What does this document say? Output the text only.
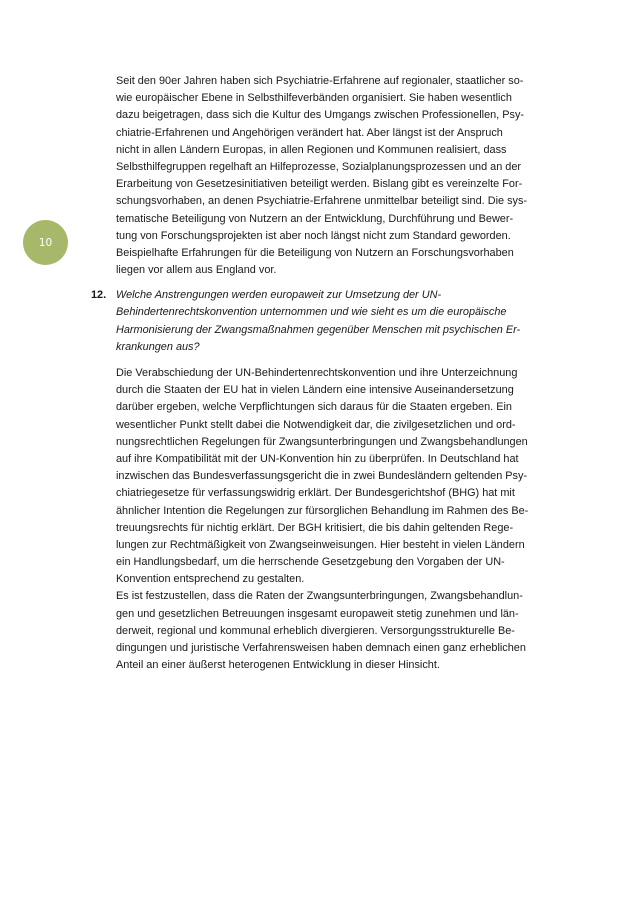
10

Seit den 90er Jahren haben sich Psychiatrie-Erfahrene auf regionaler, staatlicher so-
wie europäischer Ebene in Selbsthilfeverbänden organisiert. Sie haben wesentlich
dazu beigetragen, dass sich die Kultur des Umgangs zwischen Professionellen, Psy-
chiatrie-Erfahrenen und Angehörigen verändert hat. Aber längst ist der Anspruch
nicht in allen Ländern Europas, in allen Regionen und Kommunen realisiert, dass
Selbsthilfegruppen regelhaft an Hilfeprozesse, Sozialplanungsprozessen und an der
Erarbeitung von Gesetzesinitiativen beteiligt werden. Bislang gibt es vereinzelte For-
schungsvorhaben, an denen Psychiatrie-Erfahrene unmittelbar beteiligt sind. Die sys-
tematische Beteiligung von Nutzern an der Entwicklung, Durchführung und Bewer-
tung von Forschungsprojekten ist aber noch längst nicht zum Standard geworden.
Beispielhafte Erfahrungen für die Beteiligung von Nutzern an Forschungsvorhaben
liegen vor allem aus England vor.

12. Welche Anstrengungen werden europaweit zur Umsetzung der UN-
Behindertenrechtskonvention unternommen und wie sieht es um die europäische
Harmonisierung der Zwangsmaßnahmen gegenüber Menschen mit psychischen Er-
krankungen aus?

Die Verabschiedung der UN-Behindertenrechtskonvention und ihre Unterzeichnung
durch die Staaten der EU hat in vielen Ländern eine intensive Auseinandersetzung
darüber ergeben, welche Verpflichtungen sich daraus für die Staaten ergeben. Ein
wesentlicher Punkt stellt dabei die Notwendigkeit dar, die zivilgesetzlichen und ord-
nungsrechtlichen Regelungen für Zwangsunterbringungen und Zwangsbehandlungen
auf ihre Kompatibilität mit der UN-Konvention hin zu überprüfen. In Deutschland hat
inzwischen das Bundesverfassungsgericht die in zwei Bundesländern geltenden Psy-
chiatriegesetze für verfassungswidrig erklärt. Der Bundesgerichtshof (BHG) hat mit
ähnlicher Intention die Regelungen zur fürsorglichen Behandlung im Rahmen des Be-
treuungsrechts für nichtig erklärt. Der BGH kritisiert, die bis dahin geltenden Rege-
lungen zur Rechtmäßigkeit von Zwangseinweisungen. Hier besteht in vielen Ländern
ein Handlungsbedarf, um die herrschende Gesetzgebung den Vorgaben der UN-
Konvention entsprechend zu gestalten.
Es ist festzustellen, dass die Raten der Zwangsunterbringungen, Zwangsbehandlun-
gen und gesetzlichen Betreuungen insgesamt europaweit stetig zunehmen und län-
derweit, regional und kommunal erheblich divergieren. Versorgungsstrukturelle Be-
dingungen und juristische Verfahrensweisen haben demnach einen ganz erheblichen
Anteil an einer äußerst heterogenen Entwicklung in dieser Hinsicht.
